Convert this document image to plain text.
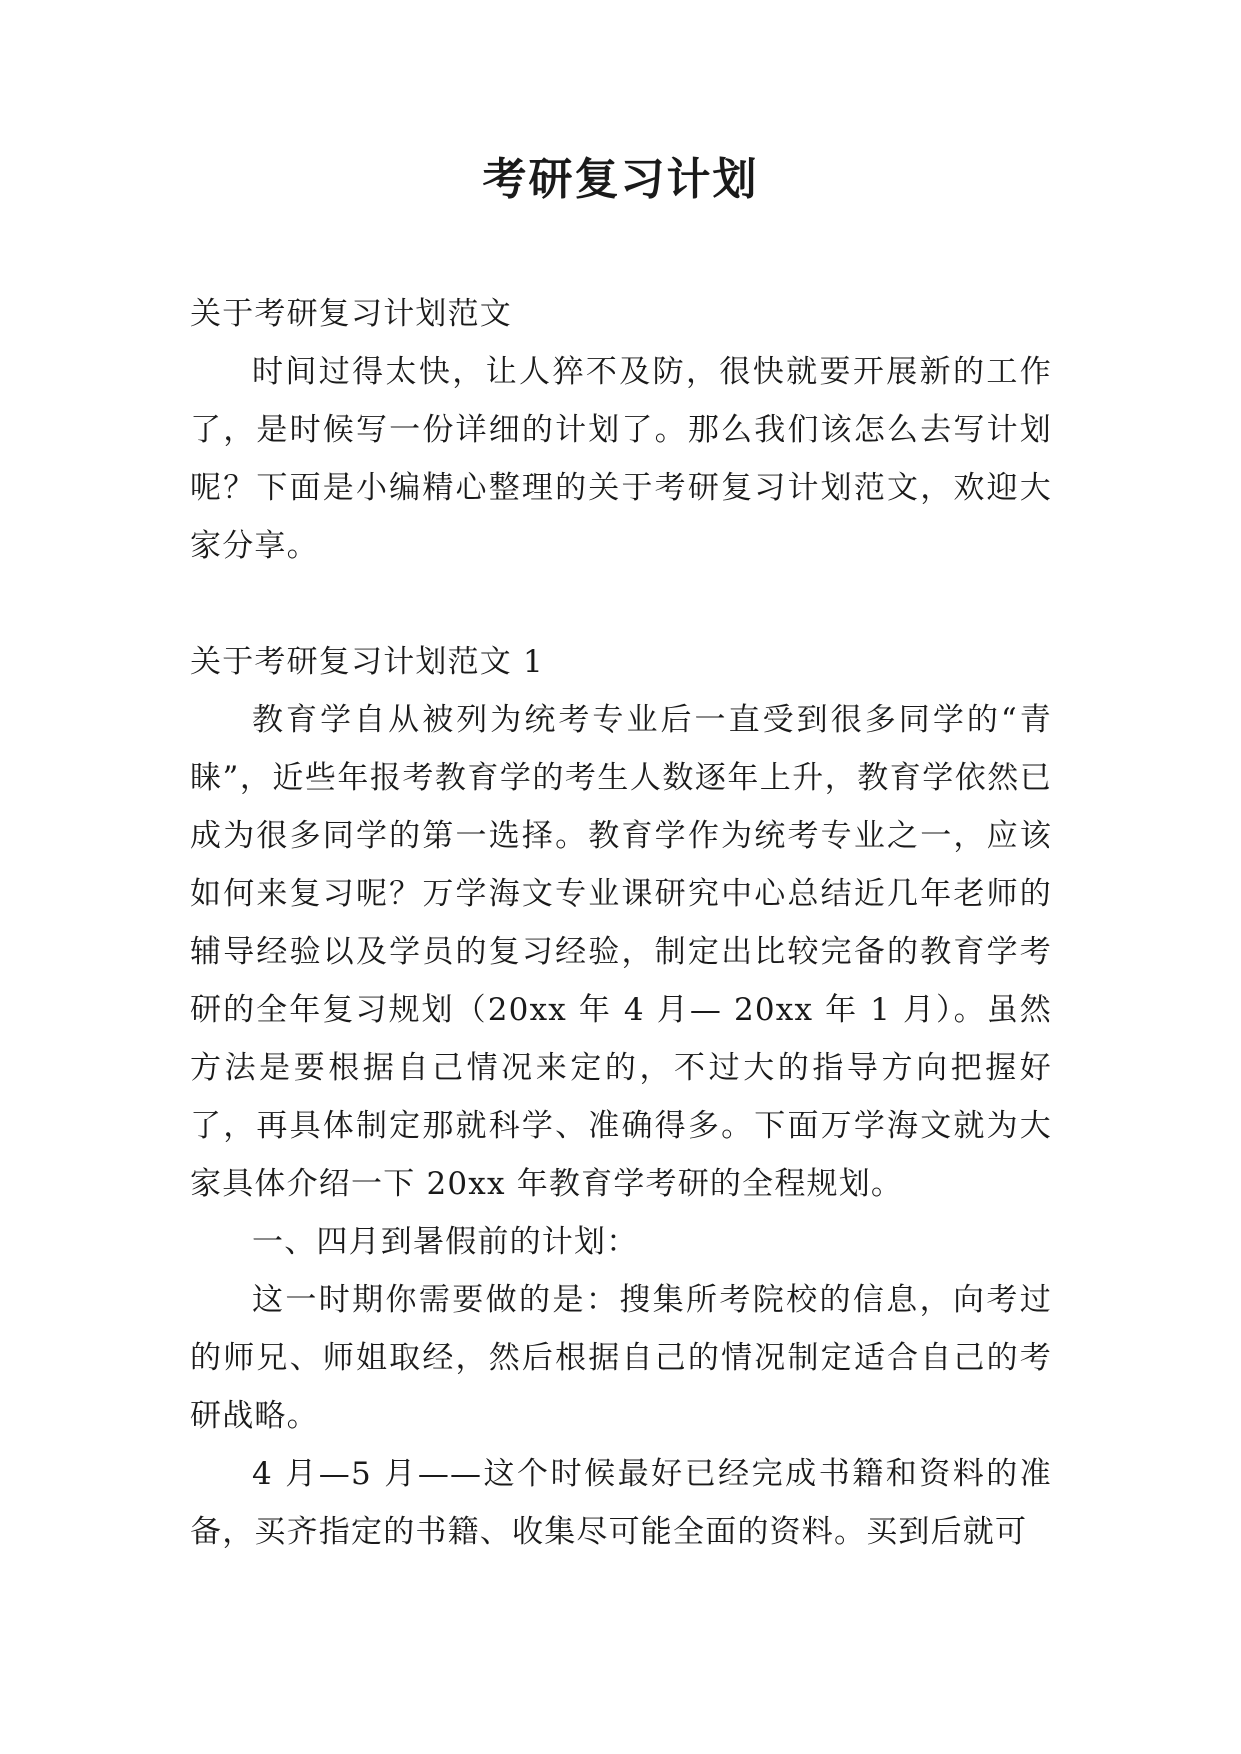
考研复习计划

关于考研复习计划范文

时间过得太快，让人猝不及防，很快就要开展新的工作了，是时候写一份详细的计划了。那么我们该怎么去写计划呢？下面是小编精心整理的关于考研复习计划范文，欢迎大家分享。

关于考研复习计划范文 1

教育学自从被列为统考专业后一直受到很多同学的“青睐”，近些年报考教育学的考生人数逐年上升，教育学依然已成为很多同学的第一选择。教育学作为统考专业之一，应该如何来复习呢？万学海文专业课研究中心总结近几年老师的辅导经验以及学员的复习经验，制定出比较完备的教育学考研的全年复习规划（20xx 年 4 月— 20xx 年 1 月）。虽然方法是要根据自己情况来定的，不过大的指导方向把握好了，再具体制定那就科学、准确得多。下面万学海文就为大家具体介绍一下 20xx 年教育学考研的全程规划。

一、四月到暑假前的计划：

这一时期你需要做的是：搜集所考院校的信息，向考过的师兄、师姐取经，然后根据自己的情况制定适合自己的考研战略。

4 月—5 月——这个时候最好已经完成书籍和资料的准备，买齐指定的书籍、收集尽可能全面的资料。买到后就可
